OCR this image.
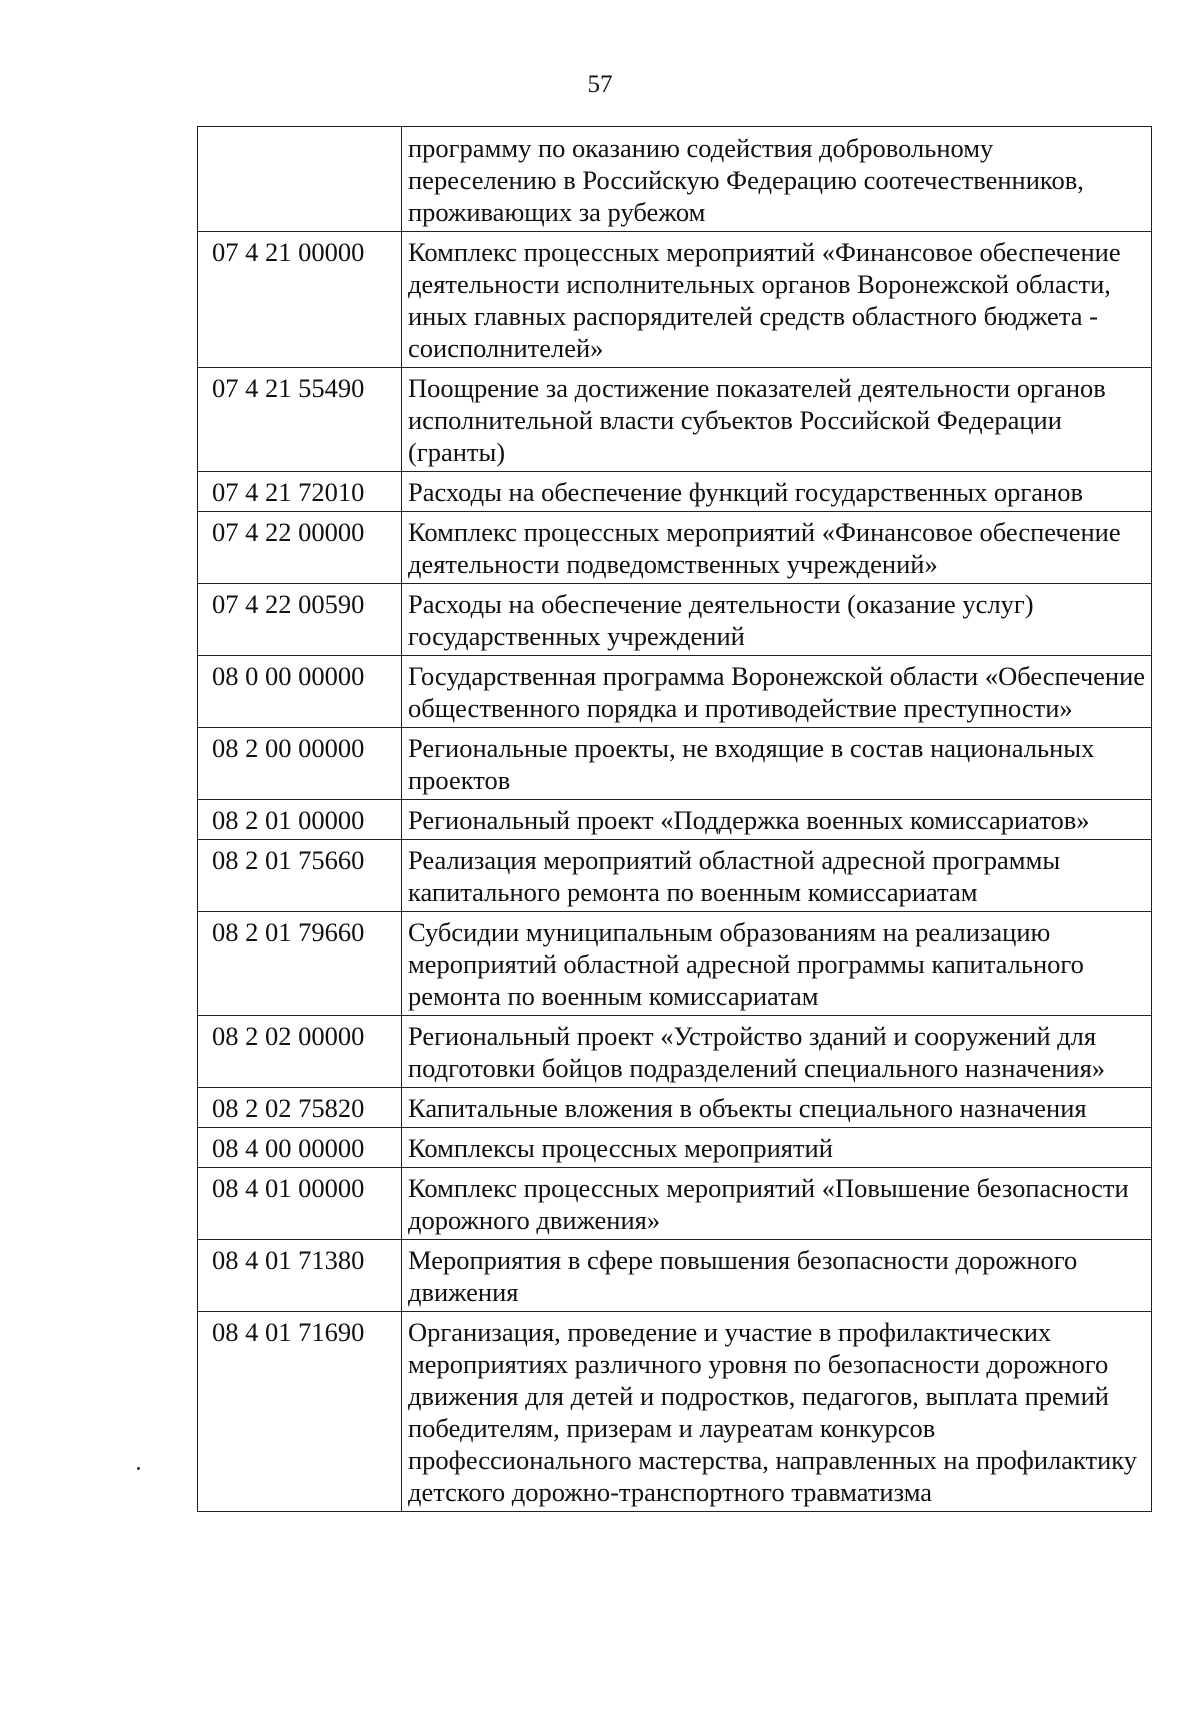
57
	программу по оказанию содействия добровольному переселению в Российскую Федерацию соотечественников, проживающих за рубежом
07 4 21 00000	Комплекс процессных мероприятий «Финансовое обеспечение деятельности исполнительных органов Воронежской области, иных главных распорядителей средств областного бюджета - соисполнителей»
07 4 21 55490	Поощрение за достижение показателей деятельности органов исполнительной власти субъектов Российской Федерации (гранты)
07 4 21 72010	Расходы на обеспечение функций государственных органов
07 4 22 00000	Комплекс процессных мероприятий «Финансовое обеспечение деятельности подведомственных учреждений»
07 4 22 00590	Расходы на обеспечение деятельности (оказание услуг) государственных учреждений
08 0 00 00000	Государственная программа Воронежской области «Обеспечение общественного порядка и противодействие преступности»
08 2 00 00000	Региональные проекты, не входящие в состав национальных проектов
08 2 01 00000	Региональный проект «Поддержка военных комиссариатов»
08 2 01 75660	Реализация мероприятий областной адресной программы капитального ремонта по военным комиссариатам
08 2 01 79660	Субсидии муниципальным образованиям на реализацию мероприятий областной адресной программы капитального ремонта по военным комиссариатам
08 2 02 00000	Региональный проект «Устройство зданий и сооружений для подготовки бойцов подразделений специального назначения»
08 2 02 75820	Капитальные вложения в объекты специального назначения
08 4 00 00000	Комплексы процессных мероприятий
08 4 01 00000	Комплекс процессных мероприятий «Повышение безопасности дорожного движения»
08 4 01 71380	Мероприятия в сфере повышения безопасности дорожного движения
08 4 01 71690	Организация, проведение и участие в профилактических мероприятиях различного уровня по безопасности дорожного движения для детей и подростков, педагогов, выплата премий победителям, призерам и лауреатам конкурсов профессионального мастерства, направленных на профилактику детского дорожно-транспортного травматизма
